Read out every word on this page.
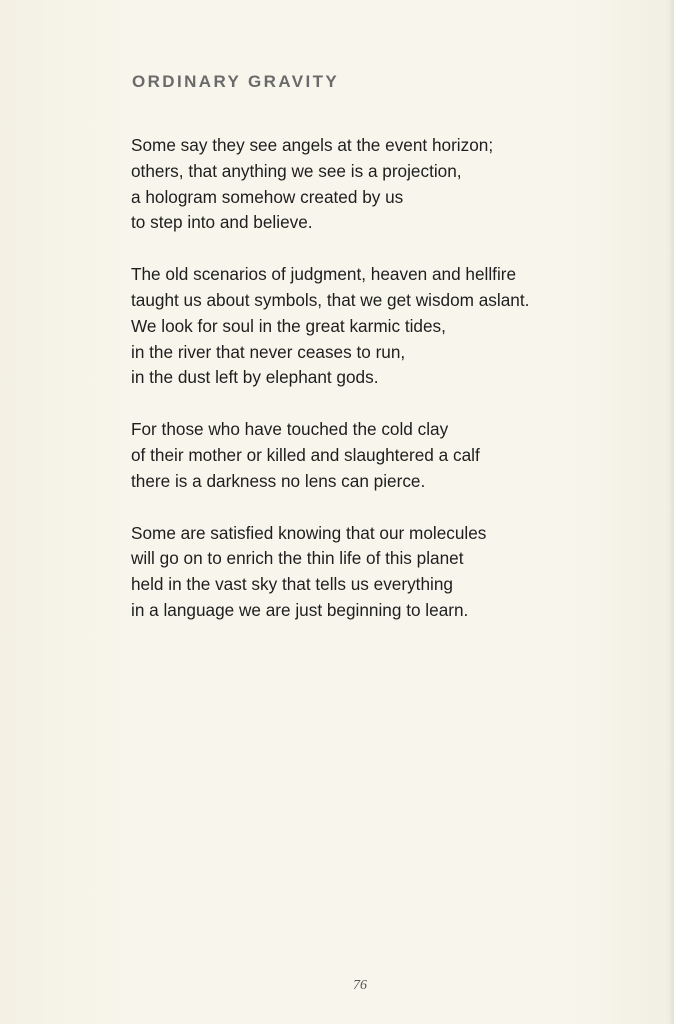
ORDINARY GRAVITY

Some say they see angels at the event horizon;
others, that anything we see is a projection,
a hologram somehow created by us
to step into and believe.

The old scenarios of judgment, heaven and hellfire
taught us about symbols, that we get wisdom aslant.
We look for soul in the great karmic tides,
in the river that never ceases to run,
in the dust left by elephant gods.

For those who have touched the cold clay
of their mother or killed and slaughtered a calf
there is a darkness no lens can pierce.

Some are satisfied knowing that our molecules
will go on to enrich the thin life of this planet
held in the vast sky that tells us everything
in a language we are just beginning to learn.

76
